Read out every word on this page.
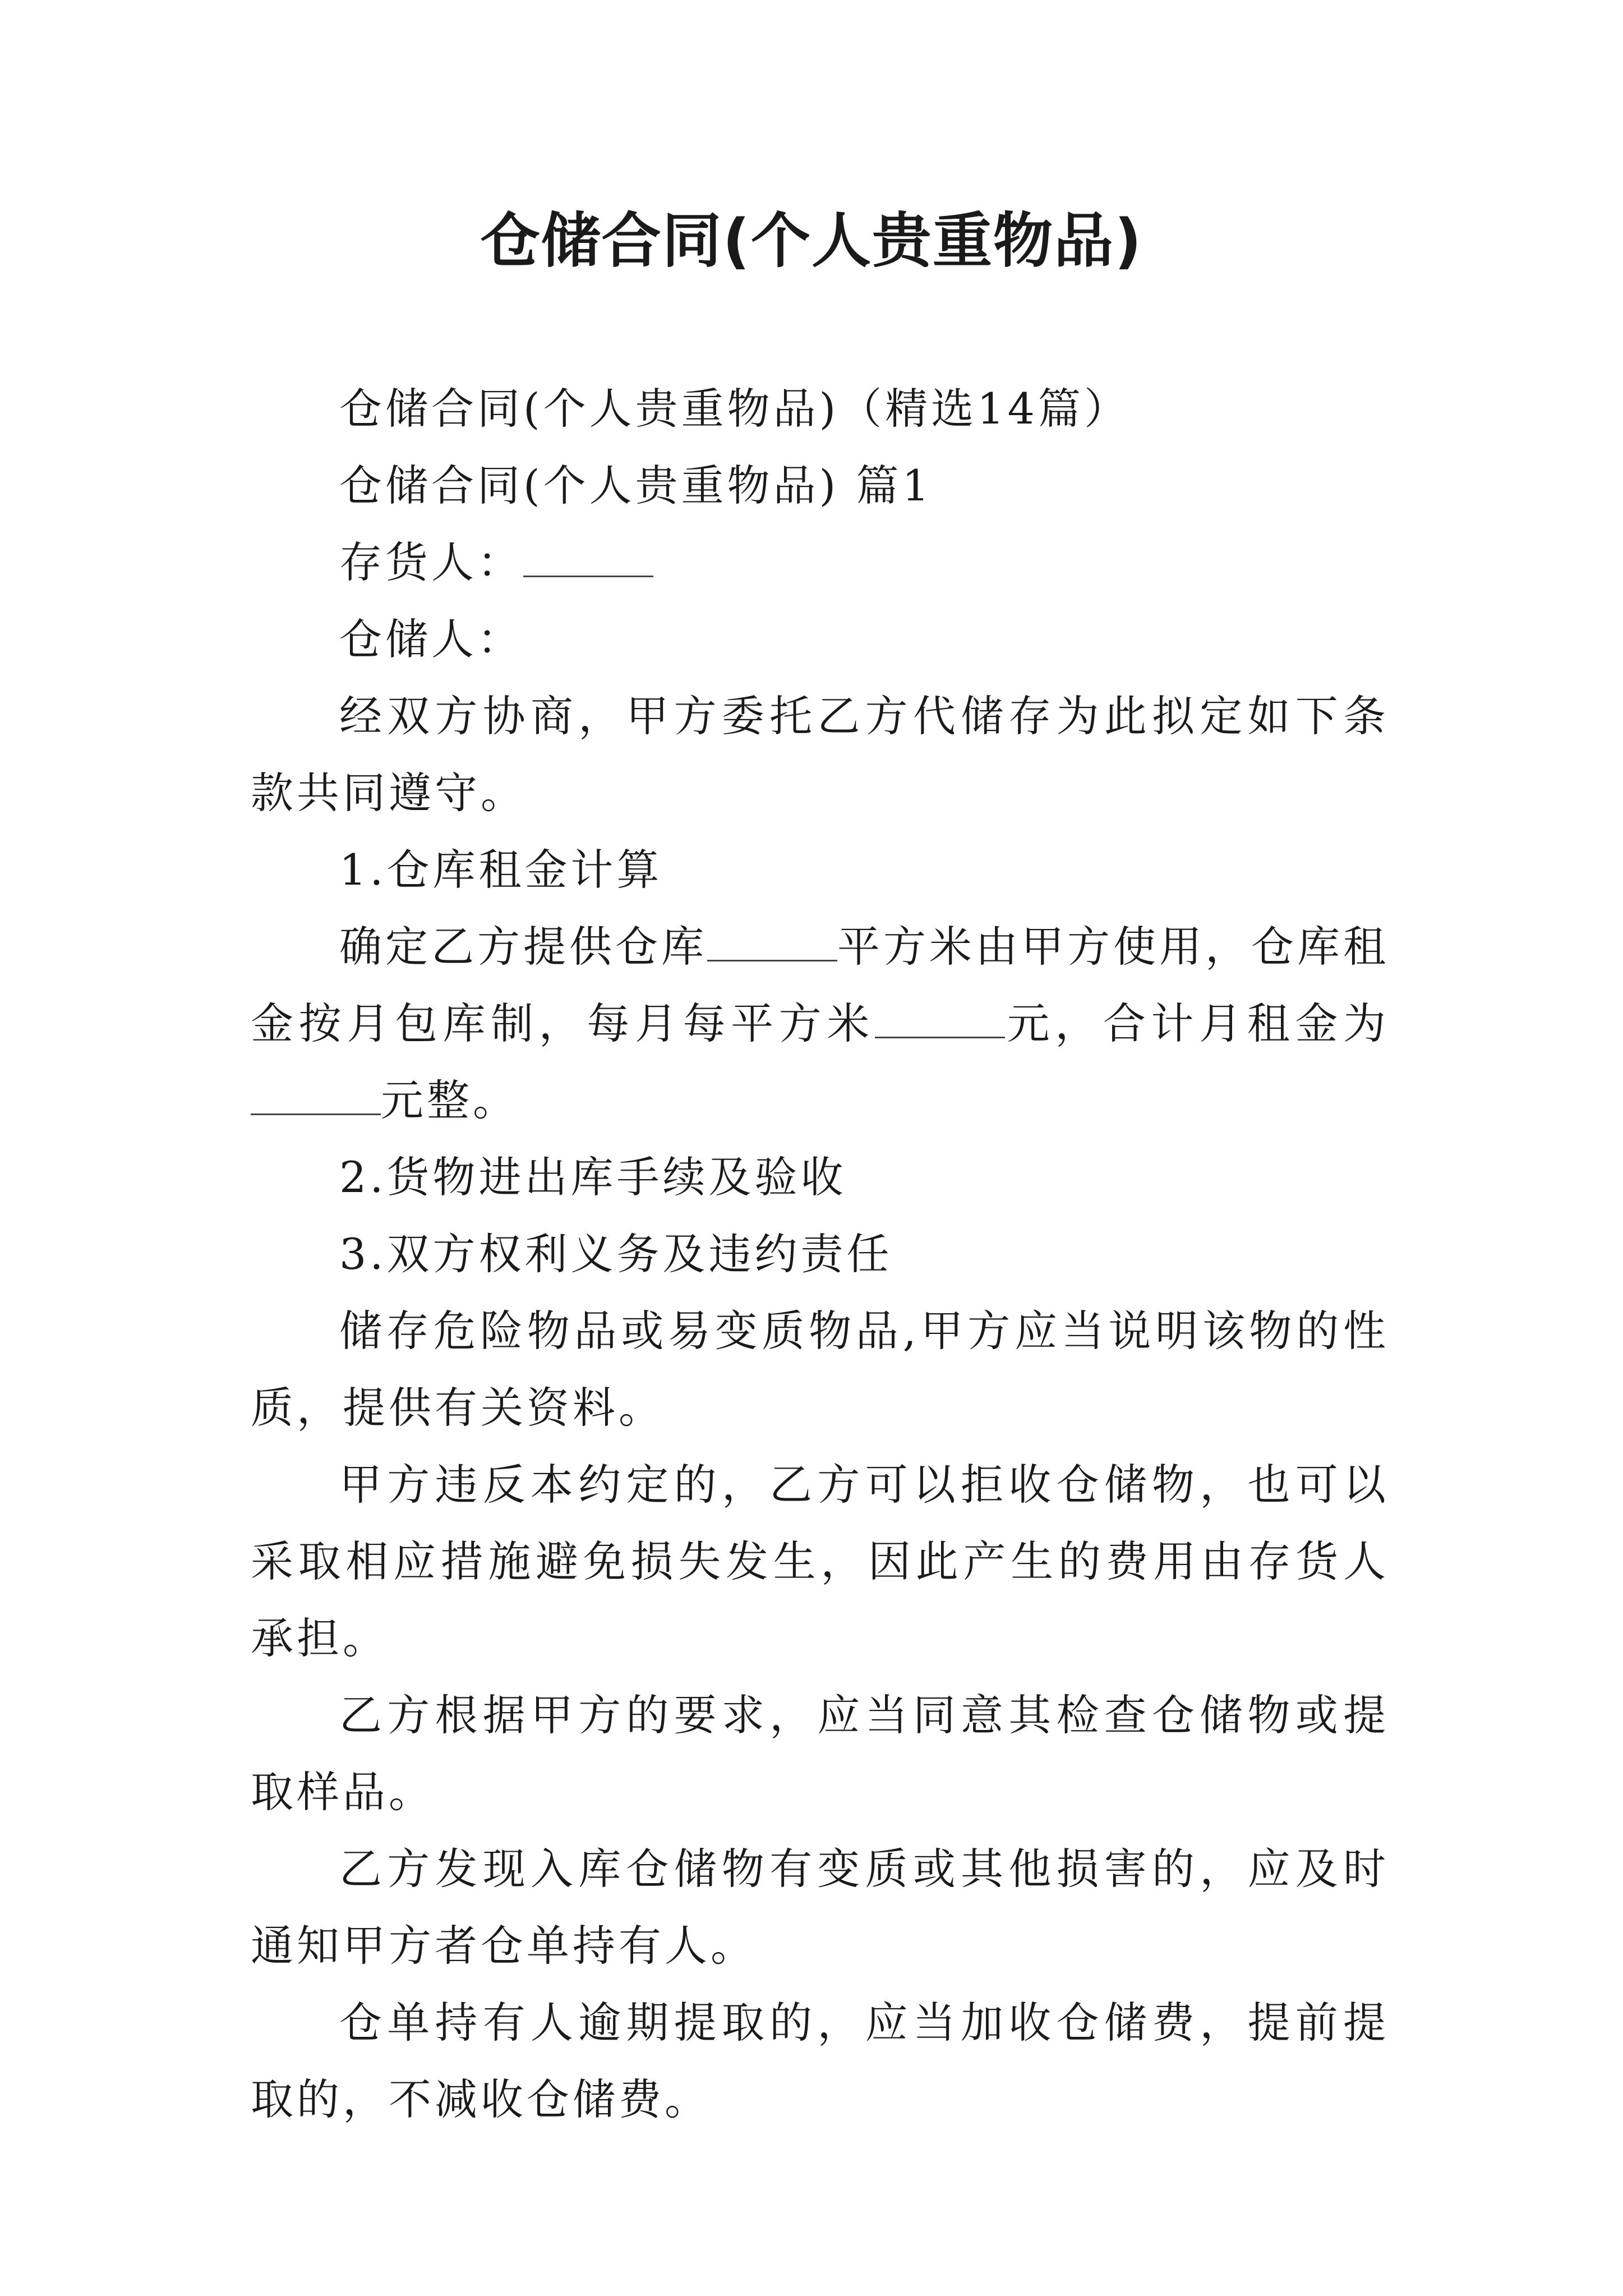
仓储合同(个人贵重物品)

仓储合同(个人贵重物品)（精选14篇）

仓储合同(个人贵重物品) 篇1

存货人：

仓储人：

经双方协商，甲方委托乙方代储存为此拟定如下条款共同遵守。

1.仓库租金计算

确定乙方提供仓库	平方米由甲方使用，仓库租金按月包库制，每月每平方米	元，合计月租金为元整。

2.货物进出库手续及验收

3.双方权利义务及违约责任

储存危险物品或易变质物品,甲方应当说明该物的性质，提供有关资料。

甲方违反本约定的，乙方可以拒收仓储物，也可以采取相应措施避免损失发生，因此产生的费用由存货人承担。

乙方根据甲方的要求，应当同意其检查仓储物或提取样品。

乙方发现入库仓储物有变质或其他损害的，应及时通知甲方者仓单持有人。

仓单持有人逾期提取的，应当加收仓储费，提前提取的，不减收仓储费。
